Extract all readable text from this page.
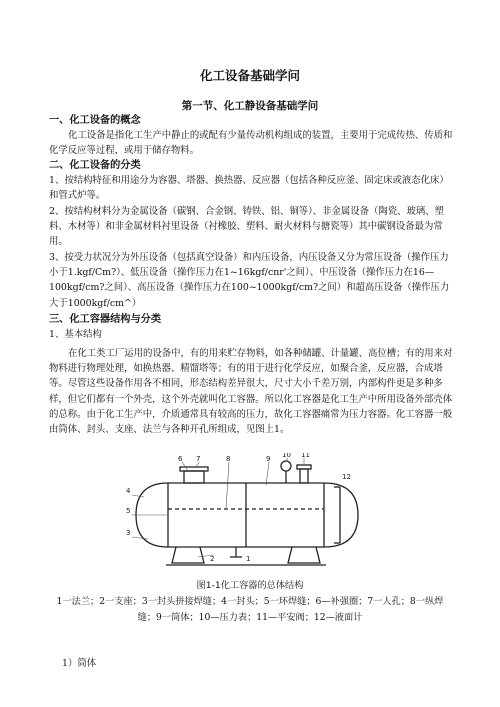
化工设备基础学问
第一节、化工静设备基础学问
一、化工设备的概念
化工设备是指化工生产中静止的或配有少量传动机构组成的装置，主要用于完成传热、传质和化学反应等过程，或用于储存物料。
二、化工设备的分类
1、按结构特征和用途分为容器、塔器、换热器、反应器（包括各种反应釜、固定床或液态化床）和管式炉等。
2、按结构材料分为金属设备（碳钢、合金钢、铸铁、铝、铜等）、非金属设备（陶瓷、玻璃、塑料、木材等）和非金属材料衬里设备（衬橡胶、塑料、耐火材料与搪瓷等）其中碳钢设备最为常用。
3、按受力状况分为外压设备（包括真空设备）和内压设备，内压设备又分为常压设备（操作压力小于1.kgf∕Cm?）、低压设备（操作压力在1~16kgf∕cnr'之间）、中压设备（操作压力在16—100kgf/cm?之间）、高压设备（操作压力在100~1000kgf/cm?之间）和超高压设备（操作压力大于1000kgf∕cm^）
三、化工容器结构与分类
1、基本结构
在化工类工厂运用的设备中，有的用来贮存物料，如各种储罐、计量罐、高位槽；有的用来对物料进行物理处理，如换热器、精馏塔等；有的用于进行化学反应，如聚合釜，反应器，合成塔等。尽管这些设备作用各不相同，形态结构差异很大，尺寸大小千差万别，内部构件更是多种多样，但它们都有一个外壳，这个外壳就叫化工容器。所以化工容器是化工生产中所用设备外部壳体的总称。由于化工生产中，介质通常具有较高的压力，故化工容器痛常为压力容器。化工容器一般由筒体、封头、支座、法兰与各种开孔所组成，见图上1。
6 7	8	9 10 11
12
4
5
3
2	1
图1-1化工容器的总体结构
1一法兰；2一支座；3一封头拼接焊缝；4一封头；5一环焊缝；6—补强圈；7一人孔；8一纵焊缝；9一筒体；10—压力表；11—平安阀；12—液面计
1）筒体
